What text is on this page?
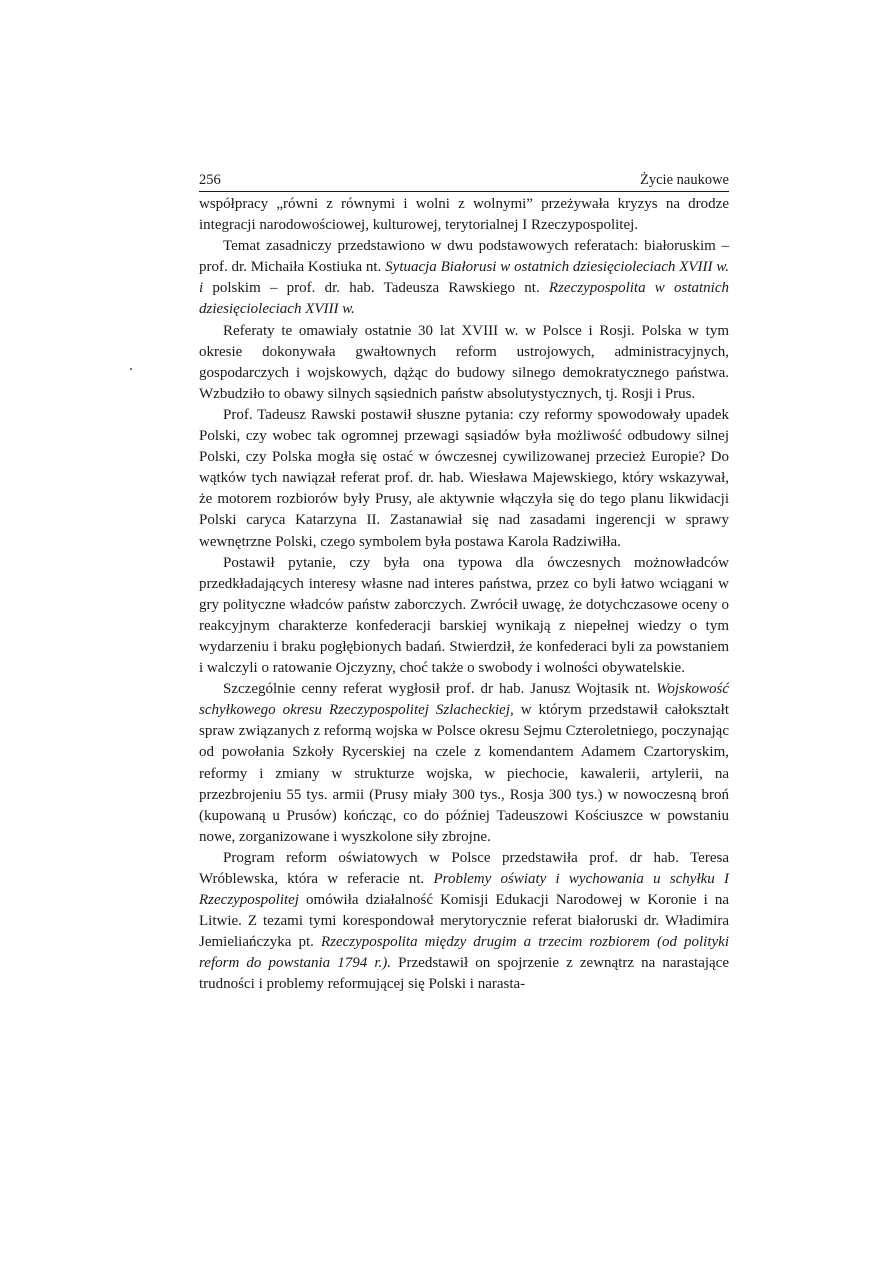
256	Życie naukowe

współpracy „równi z równymi i wolni z wolnymi” przeżywała kryzys na drodze integracji narodowościowej, kulturowej, terytorialnej I Rzeczypospolitej.

Temat zasadniczy przedstawiono w dwu podstawowych referatach: białoruskim – prof. dr. Michaiła Kostiuka nt. Sytuacja Białorusi w ostatnich dziesięcioleciach XVIII w. i polskim – prof. dr. hab. Tadeusza Rawskiego nt. Rzeczypospolita w ostatnich dziesięcioleciach XVIII w.

Referaty te omawiały ostatnie 30 lat XVIII w. w Polsce i Rosji. Polska w tym okresie dokonywała gwałtownych reform ustrojowych, administracyjnych, gospodarczych i wojskowych, dążąc do budowy silnego demokratycznego państwa. Wzbudziło to obawy silnych sąsiednich państw absolutystycznych, tj. Rosji i Prus.

Prof. Tadeusz Rawski postawił słuszne pytania: czy reformy spowodowały upadek Polski, czy wobec tak ogromnej przewagi sąsiadów była możliwość odbudowy silnej Polski, czy Polska mogła się ostać w ówczesnej cywilizowanej przecież Europie? Do wątków tych nawiązał referat prof. dr. hab. Wiesława Majewskiego, który wskazywał, że motorem rozbiorów były Prusy, ale aktywnie włączyła się do tego planu likwidacji Polski caryca Katarzyna II. Zastanawiał się nad zasadami ingerencji w sprawy wewnętrzne Polski, czego symbolem była postawa Karola Radziwiłła.

Postawił pytanie, czy była ona typowa dla ówczesnych możnowładców przedkładających interesy własne nad interes państwa, przez co byli łatwo wciągani w gry polityczne władców państw zaborczych. Zwrócił uwagę, że dotychczasowe oceny o reakcyjnym charakterze konfederacji barskiej wynikają z niepełnej wiedzy o tym wydarzeniu i braku pogłębionych badań. Stwierdził, że konfederaci byli za powstaniem i walczyli o ratowanie Ojczyzny, choć także o swobody i wolności obywatelskie.

Szczególnie cenny referat wygłosił prof. dr hab. Janusz Wojtasik nt. Wojskowość schyłkowego okresu Rzeczypospolitej Szlacheckiej, w którym przedstawił całokształt spraw związanych z reformą wojska w Polsce okresu Sejmu Czteroletniego, poczynając od powołania Szkoły Rycerskiej na czele z komendantem Adamem Czartoryskim, reformy i zmiany w strukturze wojska, w piechocie, kawalerii, artylerii, na przezbrojeniu 55 tys. armii (Prusy miały 300 tys., Rosja 300 tys.) w nowoczesną broń (kupowaną u Prusów) kończąc, co do później Tadeuszowi Kościuszce w powstaniu nowe, zorganizowane i wyszkolone siły zbrojne.

Program reform oświatowych w Polsce przedstawiła prof. dr hab. Teresa Wróblewska, która w referacie nt. Problemy oświaty i wychowania u schyłku I Rzeczypospolitej omówiła działalność Komisji Edukacji Narodowej w Koronie i na Litwie. Z tezami tymi korespondował merytorycznie referat białoruski dr. Władimira Jemieliańczyka pt. Rzeczypospolita między drugim a trzecim rozbiorem (od polityki reform do powstania 1794 r.). Przedstawił on spojrzenie z zewnątrz na narastające trudności i problemy reformującej się Polski i narasta-
